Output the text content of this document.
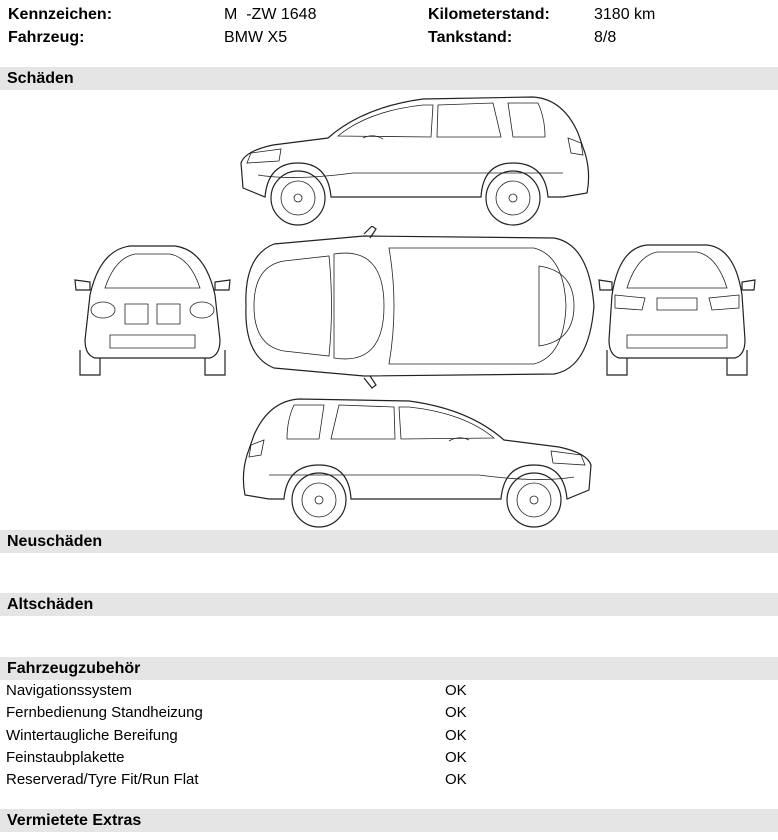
Kennzeichen:	M  -ZW 1648	Kilometerstand:	3180 km
Fahrzeug:	BMW X5	Tankstand:	8/8
Schäden
Neuschäden
Altschäden
Fahrzeugzubehör
Navigationssystem	OK
Fernbedienung Standheizung	OK
Wintertaugliche Bereifung	OK
Feinstaubplakette	OK
Reserverad/Tyre Fit/Run Flat	OK
Vermietete Extras
